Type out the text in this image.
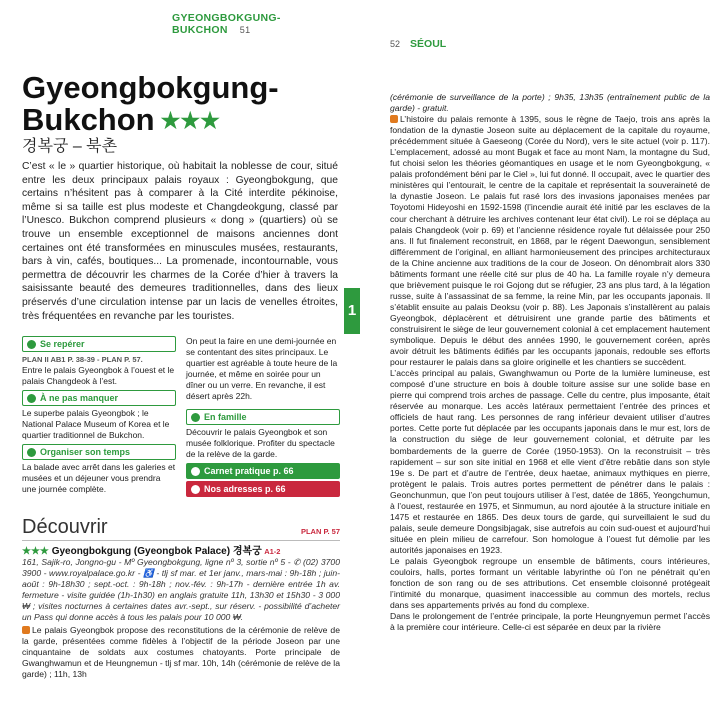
GYEONGBOKGUNG-BUKCHON 51
Gyeongbokgung-
Bukchon ★★★
경복궁 – 북촌

C’est « le » quartier historique, où habitait la noblesse de cour, situé entre les deux principaux palais royaux : Gyeongbokgung, que certains n’hésitent pas à comparer à la Cité interdite pékinoise, même si sa taille est plus modeste et Changdeokgung, classé par l’Unesco. Bukchon comprend plusieurs « dong » (quartiers) où se trouve un ensemble exceptionnel de maisons anciennes dont certaines ont été transformées en minuscules musées, restaurants, bars à vin, cafés, boutiques... La promenade, incontournable, vous permettra de découvrir les charmes de la Corée d’hier à travers la saisissante beauté des demeures traditionnelles, dans des lieux préservés d’une circulation intense par un lacis de venelles étroites, très fréquentées en revanche par les touristes.

Se repérer
PLAN II AB1 P. 38-39 - PLAN P. 57.

Entre le palais Gyeongbok à l’ouest et le palais Changdeok à l’est.

À ne pas manquer

Le superbe palais Gyeongbok ; le National Palace Museum of Korea et le quartier traditionnel de Bukchon.

Organiser son temps

La balade avec arrêt dans les galeries et musées et un déjeuner vous prendra une journée complète.

On peut la faire en une demi-journée en se contentant des sites principaux. Le quartier est agréable à toute heure de la journée, et même en soirée pour un dîner ou un verre. En revanche, il est désert après 22h.

En famille

Découvrir le palais Gyeongbok et son musée folklorique. Profiter du spectacle de la relève de la garde.

Carnet pratique p. 66
Nos adresses p. 66
Découvrir	PLAN P. 57

★★★ Gyeongbokgung (Gyeongbok Palace) 경복궁 A1-2
161, Sajik-ro, Jongno-gu - Mº Gyeongbokgung, ligne nº 3, sortie nº 5 - ✆ (02) 3700 3900 - www.royalpalace.go.kr - ♿ - tlj sf mar. et 1er janv., mars-mai : 9h-18h ; juin-août : 9h-18h30 ; sept.-oct. : 9h-18h ; nov.-fév. : 9h-17h - dernière entrée 1h av. fermeture - visite guidée (1h-1h30) en anglais gratuite 11h, 13h30 et 15h30 - 3 000 ₩ ; visites nocturnes à certaines dates avr.-sept., sur réserv. - possibilité d’acheter un Pass qui donne accès à tous les palais pour 10 000 ₩.

Le palais Gyeongbok propose des reconstitutions de la cérémonie de relève de la garde, présentées comme fidèles à l’objectif de la période Joseon par une cinquantaine de soldats aux costumes chatoyants. Porte principale de Gwanghwamun et de Heungnemun - tlj sf mar. 10h, 14h (cérémonie de relève de la garde) ; 11h, 13h

1
52 SÉOUL

(cérémonie de surveillance de la porte) ; 9h35, 13h35 (entraînement public de la garde) - gratuit.

L’histoire du palais remonte à 1395, sous le règne de Taejo, trois ans après la fondation de la dynastie Joseon suite au déplacement de la capitale du royaume, précédemment située à Gaeseong (Corée du Nord), vers le site actuel (voir p. 117). L’emplacement, adossé au mont Bugak et face au mont Nam, la montagne du Sud, fut choisi selon les théories géomantiques en usage et le nom Gyeongbokgung, « palais profondément béni par le Ciel », lui fut donné. Il occupait, avec le quartier des ministères qui l’entourait, le centre de la capitale et représentait la souveraineté de la dynastie Joseon. Le palais fut rasé lors des invasions japonaises menées par Toyotomi Hideyoshi en 1592-1598 (l’incendie aurait été initié par les esclaves de la cour cherchant à détruire les archives contenant leur état civil). Le roi se déplaça au palais Changdeok (voir p. 69) et l’ancienne résidence royale fut délaissée pour 250 ans. Il fut finalement reconstruit, en 1868, par le régent Daewongun, sensiblement différemment de l’original, en alliant harmonieusement des principes architecturaux de la Chine ancienne aux traditions de la cour de Joseon. On dénombrait alors 330 bâtiments formant une réelle cité sur plus de 40 ha. La famille royale n’y demeura que brièvement puisque le roi Gojong dut se réfugier, 23 ans plus tard, à la légation russe, suite à l’assassinat de sa femme, la reine Min, par les occupants japonais. Il s’établit ensuite au palais Deoksu (voir p. 88). Les Japonais s’installèrent au palais Gyeongbok, déplacèrent et détruisirent une grande partie des bâtiments et construisirent le siège de leur gouvernement colonial à cet emplacement hautement symbolique. Depuis le début des années 1990, le gouvernement coréen, après avoir détruit les bâtiments édifiés par les occupants japonais, redouble ses efforts pour restaurer le palais dans sa gloire originelle et les chantiers se succèdent.

L’accès principal au palais, Gwanghwamun ou Porte de la lumière lumineuse, est composé d’une structure en bois à double toiture assise sur une solide base en pierre qui comprend trois arches de passage. Celle du centre, plus imposante, était réservée au monarque. Les accès latéraux permettaient l’entrée des princes et officiels de haut rang. Les personnes de rang inférieur devaient utiliser d’autres portes. Cette porte fut déplacée par les occupants japonais dans le mur est, lors de la construction du siège de leur gouvernement colonial, et détruite par les bombardements de la guerre de Corée (1950-1953). On la reconstruisit – très rapidement – sur son site initial en 1968 et elle vient d’être rebâtie dans son style 19e s. De part et d’autre de l’entrée, deux haetae, animaux mythiques en pierre, protègent le palais. Trois autres portes permettent de pénétrer dans le palais : Geonchunmun, que l’on peut toujours utiliser à l’est, datée de 1865, Yeongchumun, à l’ouest, restaurée en 1975, et Sinmumun, au nord ajoutée à la structure initiale en 1475 et restaurée en 1865. Des deux tours de garde, qui surveillaient le sud du palais, seule demeure Dongsibjagak, sise autrefois au coin sud-ouest et aujourd’hui située en plein milieu de carrefour. Son homologue à l’ouest fut démolie par les autorités japonaises en 1923.

Le palais Gyeongbok regroupe un ensemble de bâtiments, cours intérieures, couloirs, halls, portes formant un véritable labyrinthe où l’on ne pénétrait qu’en fonction de son rang ou de ses attributions. Cet ensemble cloisonné protégeait l’intimité du monarque, quasiment inaccessible au commun des mortels, reclus dans ses appartements privés au fond du complexe.

Dans le prolongement de l’entrée principale, la porte Heungnyemun permet l’accès à la première cour intérieure. Celle-ci est séparée en deux par la rivière
